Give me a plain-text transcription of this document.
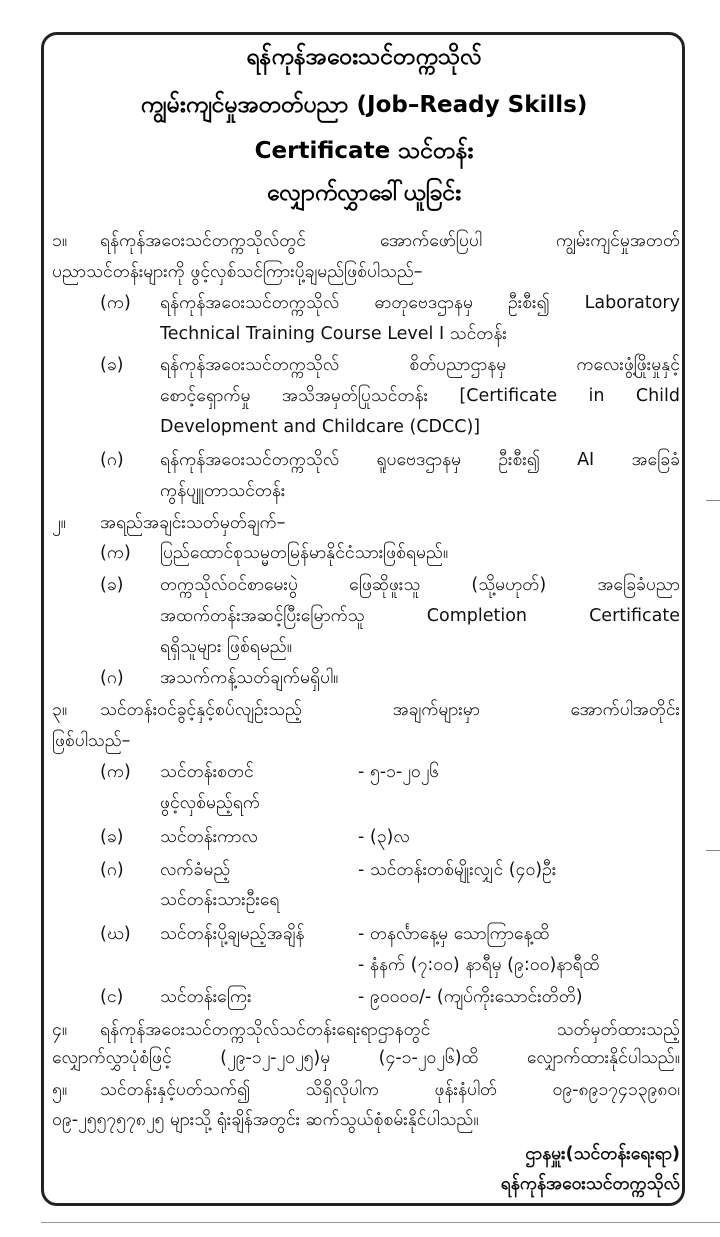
ရန်ကုန်အဝေးသင်တက္ကသိုလ်
ကျွမ်းကျင်မှုအတတ်ပညာ (Job–Ready Skills)
Certificate သင်တန်း
လျှောက်လွှာခေါ်ယူခြင်း
၁။ ရန်ကုန်အဝေးသင်တက္ကသိုလ်တွင် အောက်ဖော်ပြပါ ကျွမ်းကျင်မှုအတတ်
ပညာသင်တန်းများကို ဖွင့်လှစ်သင်ကြားပို့ချမည်ဖြစ်ပါသည်–
(က) ရန်ကုန်အဝေးသင်တက္ကသိုလ် ဓာတုဗေဒဌာနမှ ဦးစီး၍ Laboratory
Technical Training Course Level I သင်တန်း
(ခ) ရန်ကုန်အဝေးသင်တက္ကသိုလ် စိတ်ပညာဌာနမှ ကလေးဖွံ့ဖြိုးမှုနှင့်
စောင့်ရှောက်မှု အသိအမှတ်ပြုသင်တန်း [Certificate in Child
Development and Childcare (CDCC)]
(ဂ) ရန်ကုန်အဝေးသင်တက္ကသိုလ် ရူပဗေဒဌာနမှ ဦးစီး၍ AI အခြေခံ
ကွန်ပျူတာသင်တန်း
၂။ အရည်အချင်းသတ်မှတ်ချက်–
(က) ပြည်ထောင်စုသမ္မတမြန်မာနိုင်ငံသားဖြစ်ရမည်။
(ခ) တက္ကသိုလ်ဝင်စာမေးပွဲ ဖြေဆိုဖူးသူ (သို့မဟုတ်) အခြေခံပညာ
အထက်တန်းအဆင့်ပြီးမြောက်သူ Completion Certificate
ရရှိသူများ ဖြစ်ရမည်။
(ဂ) အသက်ကန့်သတ်ချက်မရှိပါ။
၃။ သင်တန်းဝင်ခွင့်နှင့်စပ်လျဉ်းသည့် အချက်များမှာ အောက်ပါအတိုင်း
ဖြစ်ပါသည်–
(က) သင်တန်းစတင်
ဖွင့်လှစ်မည့်ရက်
- ၅-၁-၂၀၂၆
(ခ) သင်တန်းကာလ	- (၃)လ
(ဂ) လက်ခံမည့်
သင်တန်းသားဦးရေ
- သင်တန်းတစ်မျိုးလျှင် (၄၀)ဦး
(ဃ) သင်တန်းပို့ချမည့်အချိန်	- တနင်္လာနေ့မှ သောကြာနေ့ထိ
- နံနက် (၇:၀၀) နာရီမှ (၉:၀၀)နာရီထိ
(င) သင်တန်းကြေး	- ၉၀၀၀၀/- (ကျပ်ကိုးသောင်းတိတိ)
၄။ ရန်ကုန်အဝေးသင်တက္ကသိုလ်သင်တန်းရေးရာဌာနတွင် သတ်မှတ်ထားသည့်
လျှောက်လွှာပုံစံဖြင့် (၂၉-၁၂-၂၀၂၅)မှ (၄-၁-၂၀၂၆)ထိ လျှောက်ထားနိုင်ပါသည်။
၅။ သင်တန်းနှင့်ပတ်သက်၍ သိရှိလိုပါက ဖုန်းနံပါတ် ၀၉-၈၉၁၇၄၁၃၉၈၀၊
၀၉-၂၅၅၇၅၇၈၂၅ များသို့ ရုံးချိန်အတွင်း ဆက်သွယ်စုံစမ်းနိုင်ပါသည်။
ဌာနမှူး(သင်တန်းရေးရာ)
ရန်ကုန်အဝေးသင်တက္ကသိုလ်
